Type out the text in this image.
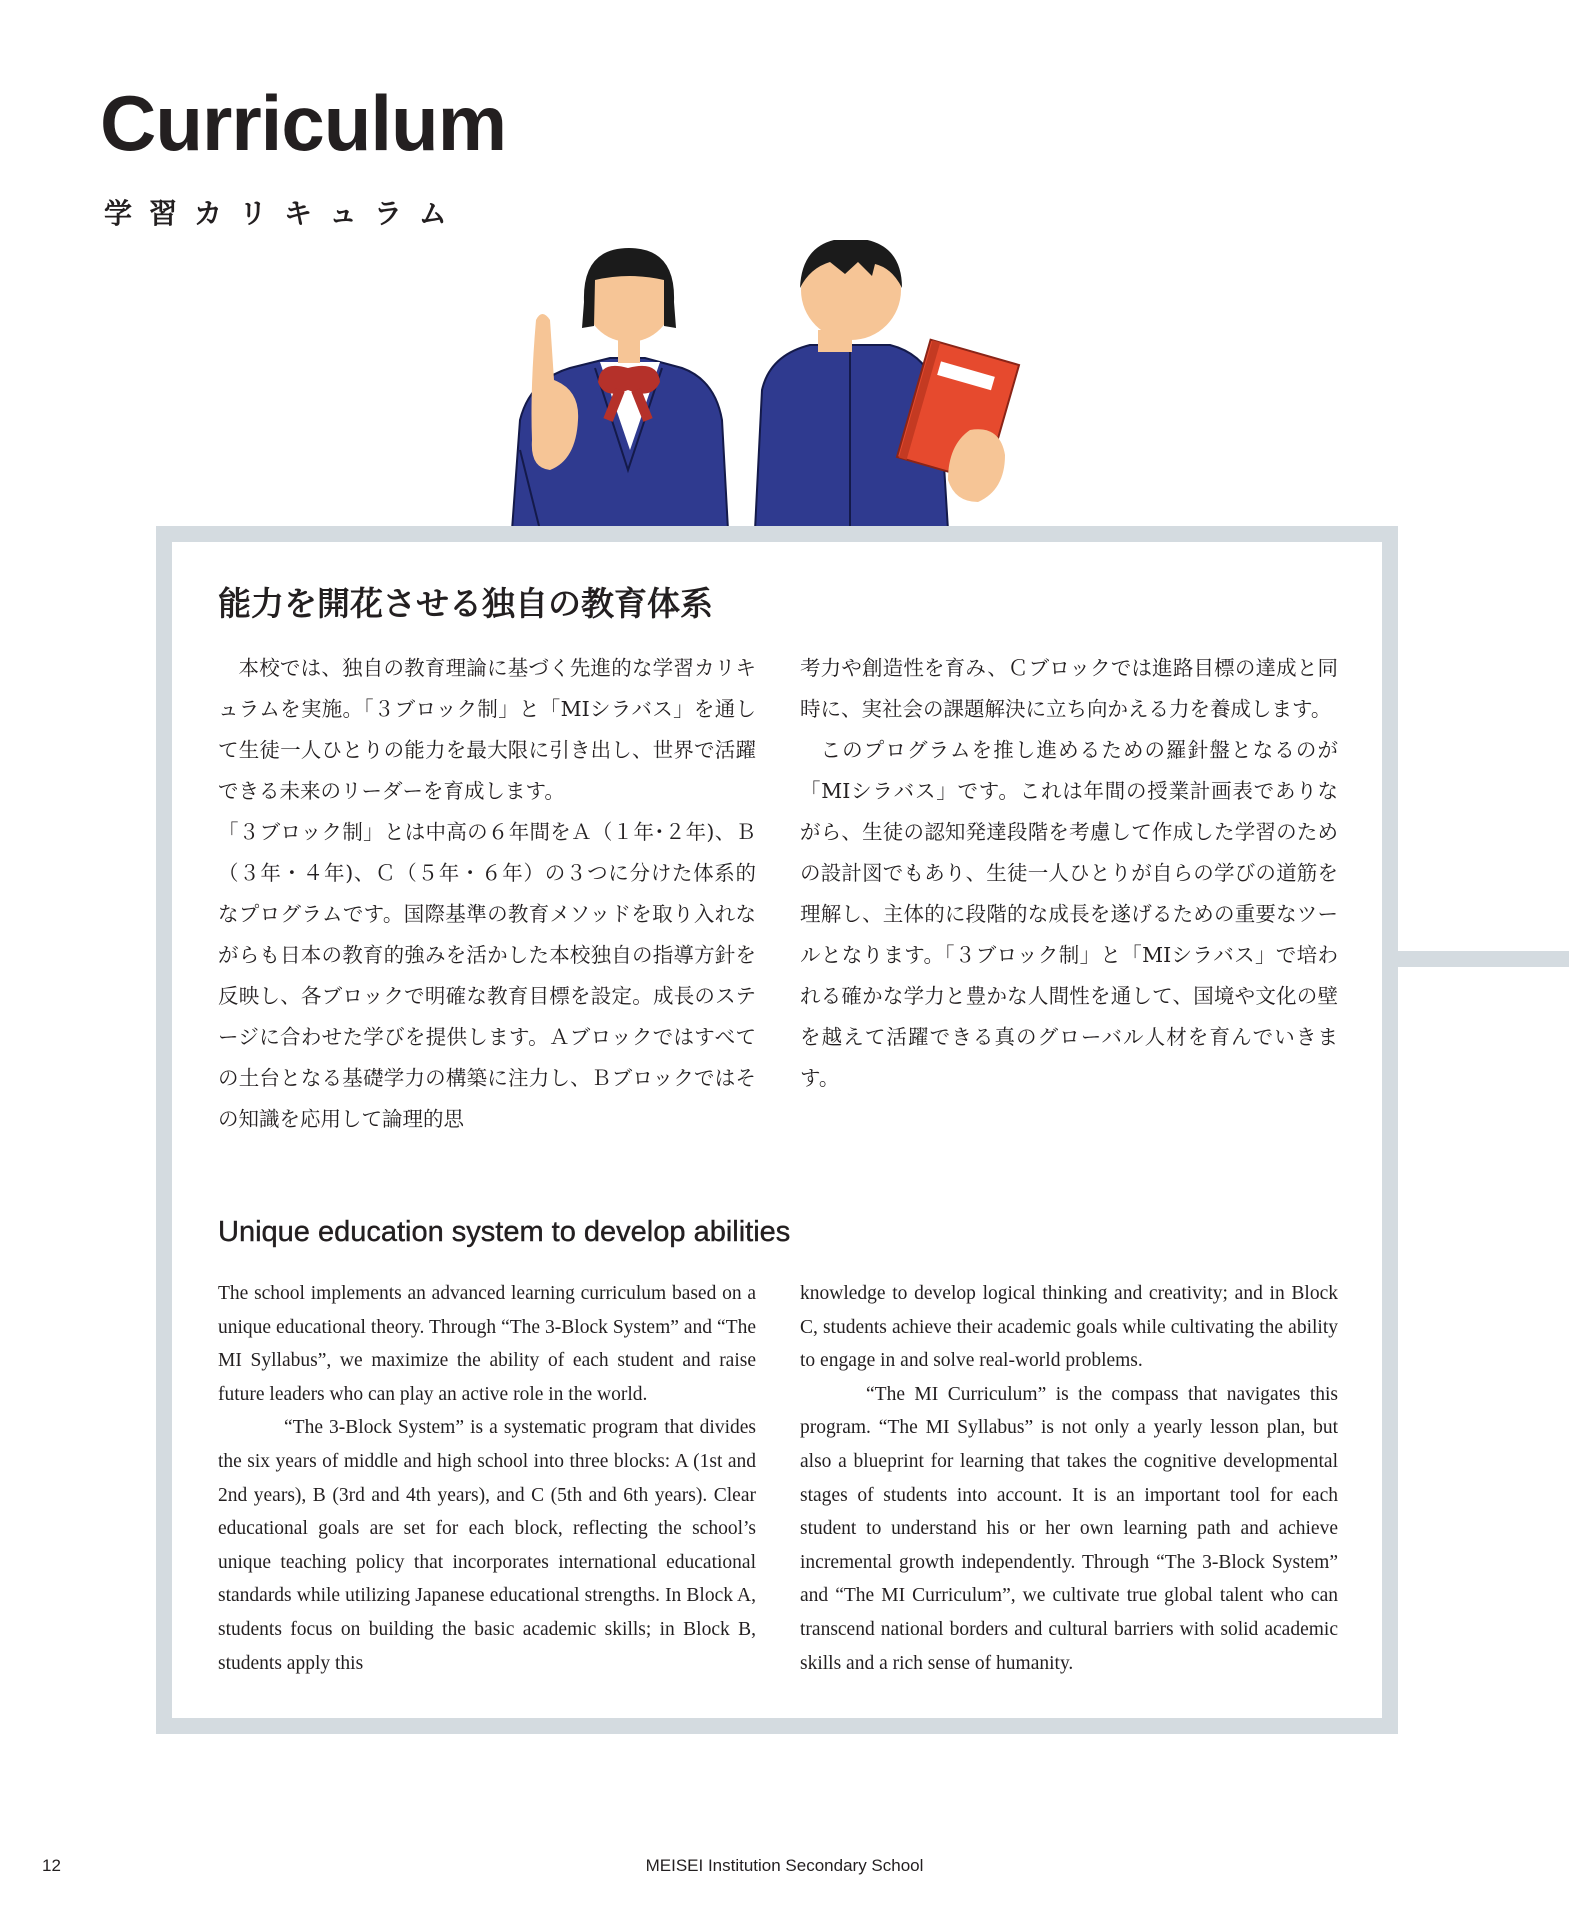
Curriculum
学習カリキュラム
能力を開花させる独自の教育体系

本校では、独自の教育理論に基づく先進的な学習カリキュラムを実施。「３ブロック制」と「MIシラバス」を通して生徒一人ひとりの能力を最大限に引き出し、世界で活躍できる未来のリーダーを育成します。

「３ブロック制」とは中高の６年間をＡ（１年･２年)、Ｂ（３年・４年)、Ｃ（５年・６年）の３つに分けた体系的なプログラムです。国際基準の教育メソッドを取り入れながらも日本の教育的強みを活かした本校独自の指導方針を反映し、各ブロックで明確な教育目標を設定。成長のステージに合わせた学びを提供します。Ａブロックではすべての土台となる基礎学力の構築に注力し、Ｂブロックではその知識を応用して論理的思

考力や創造性を育み、Ｃブロックでは進路目標の達成と同時に、実社会の課題解決に立ち向かえる力を養成します。

このプログラムを推し進めるための羅針盤となるのが「MIシラバス」です。これは年間の授業計画表でありながら、生徒の認知発達段階を考慮して作成した学習のための設計図でもあり、生徒一人ひとりが自らの学びの道筋を理解し、主体的に段階的な成長を遂げるための重要なツールとなります。「３ブロック制」と「MIシラバス」で培われる確かな学力と豊かな人間性を通して、国境や文化の壁を越えて活躍できる真のグローバル人材を育んでいきます。

Unique education system to develop abilities

The school implements an advanced learning curriculum based on a unique educational theory. Through “The 3-Block System” and “The MI Syllabus”, we maximize the ability of each student and raise future leaders who can play an active role in the world.

“The 3-Block System” is a systematic program that divides the six years of middle and high school into three blocks: A (1st and 2nd years), B (3rd and 4th years), and C (5th and 6th years). Clear educational goals are set for each block, reflecting the school’s unique teaching policy that incorporates international educational standards while utilizing Japanese educational strengths. In Block A, students focus on building the basic academic skills; in Block B, students apply this

knowledge to develop logical thinking and creativity; and in Block C, students achieve their academic goals while cultivating the ability to engage in and solve real-world problems.

“The MI Curriculum” is the compass that navigates this program. “The MI Syllabus” is not only a yearly lesson plan, but also a blueprint for learning that takes the cognitive developmental stages of students into account. It is an important tool for each student to understand his or her own learning path and achieve incremental growth independently. Through “The 3-Block System” and “The MI Curriculum”, we cultivate true global talent who can transcend national borders and cultural barriers with solid academic skills and a rich sense of humanity.

12	MEISEI Institution Secondary School
